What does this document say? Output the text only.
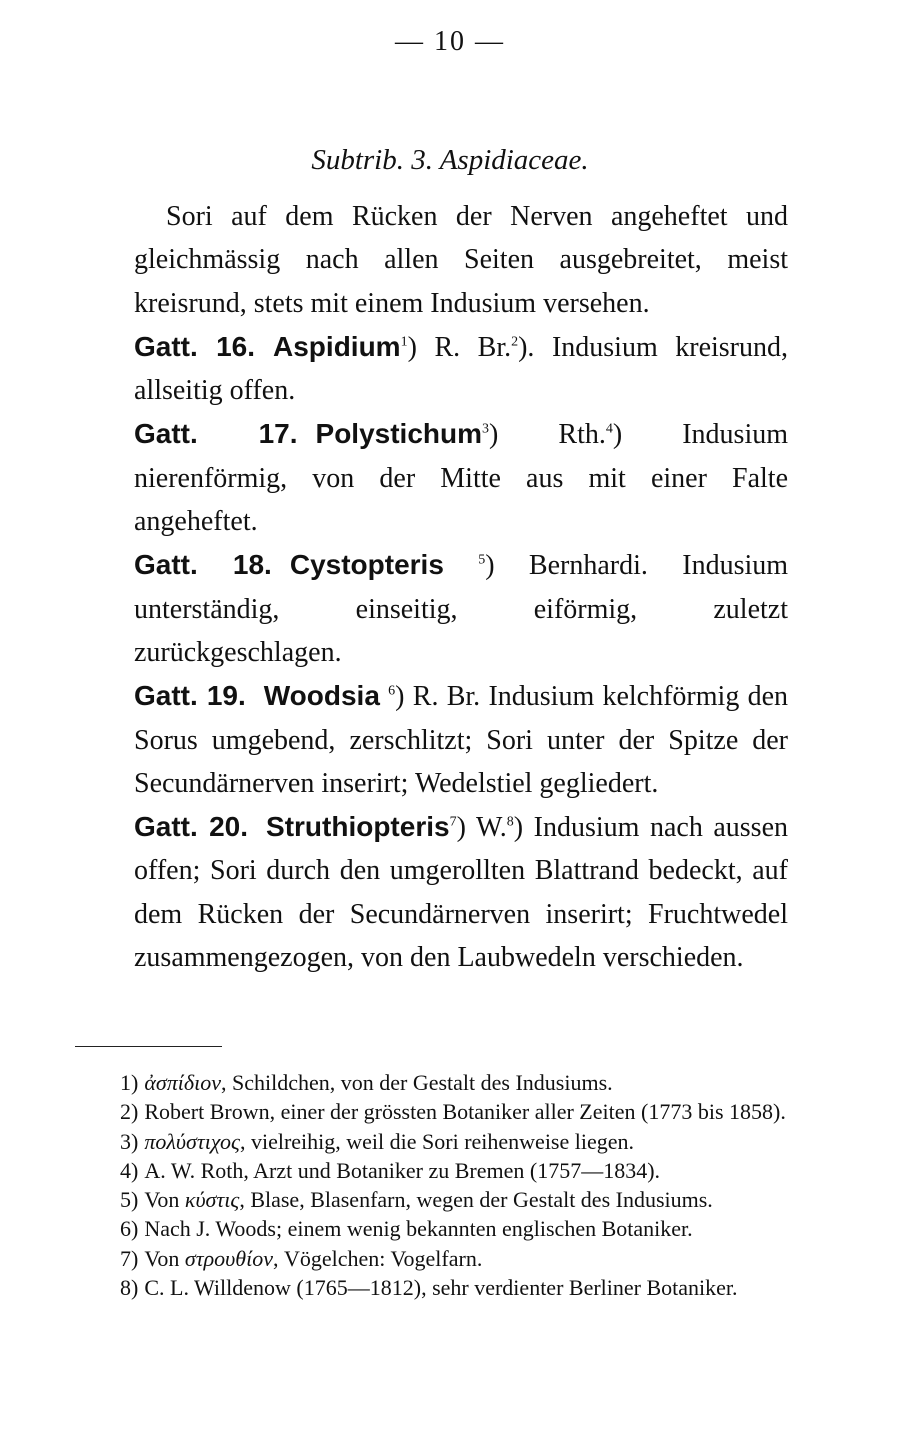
— 10 —
Subtrib. 3. Aspidiaceae.

Sori auf dem Rücken der Nerven angeheftet und gleichmässig nach allen Seiten ausgebreitet, meist kreisrund, stets mit einem Indusium versehen.

Gatt. 16. Aspidium$^1$) R. Br.$^2$). Indusium kreisrund, allseitig offen.

Gatt. 17. Polystichum$^3$) Rth.$^4$) Indusium nierenförmig, von der Mitte aus mit einer Falte angeheftet.

Gatt. 18. Cystopteris $^5$) Bernhardi. Indusium unterständig, einseitig, eiförmig, zuletzt zurückgeschlagen.

Gatt. 19. Woodsia $^6$) R. Br. Indusium kelchförmig den Sorus umgebend, zerschlitzt; Sori unter der Spitze der Secundärnerven inserirt; Wedelstiel gegliedert.

Gatt. 20. Struthiopteris$^7$) W.$^8$) Indusium nach aussen offen; Sori durch den umgerollten Blattrand bedeckt, auf dem Rücken der Secundärnerven inserirt; Fruchtwedel zusammengezogen, von den Laubwedeln verschieden.

1) ἀσπίδιον, Schildchen, von der Gestalt des Indusiums.

2) Robert Brown, einer der grössten Botaniker aller Zeiten (1773 bis 1858).

3) πολύστιχος, vielreihig, weil die Sori reihenweise liegen.

4) A. W. Roth, Arzt und Botaniker zu Bremen (1757—1834).

5) Von κύστις, Blase, Blasenfarn, wegen der Gestalt des Indusiums.

6) Nach J. Woods; einem wenig bekannten englischen Botaniker.

7) Von στρουθίον, Vögelchen: Vogelfarn.

8) C. L. Willdenow (1765—1812), sehr verdienter Berliner Botaniker.
